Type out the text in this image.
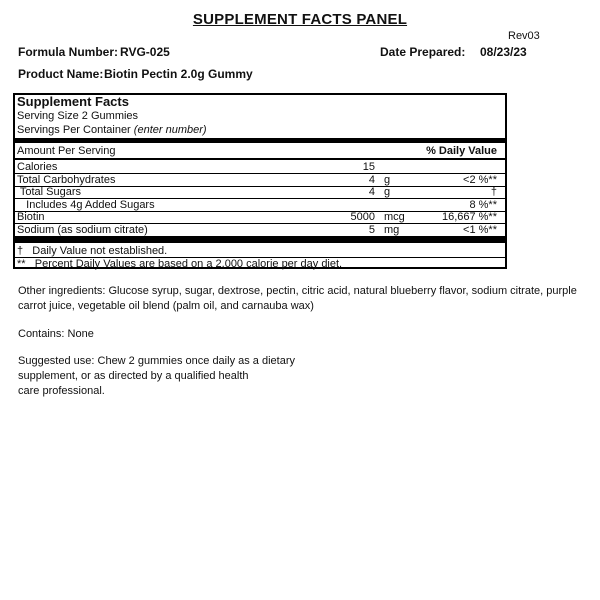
SUPPLEMENT FACTS PANEL
Rev03
Formula Number: RVG-025	Date Prepared: 08/23/23
Product Name: Biotin Pectin 2.0g Gummy
Supplement Facts
Serving Size 2 Gummies
Servings Per Container (enter number)
Amount Per Serving	% Daily Value
Calories	15
Total Carbohydrates	4 g	<2 %**
Total Sugars	4 g	†
Includes 4g Added Sugars	8 %**
Biotin	5000 mcg	16,667 %**
Sodium (as sodium citrate)	5 mg	<1 %**
† Daily Value not established.
** Percent Daily Values are based on a 2,000 calorie per day diet.
Other ingredients: Glucose syrup, sugar, dextrose, pectin, citric acid, natural blueberry flavor, sodium citrate, purple carrot juice, vegetable oil blend (palm oil, and carnauba wax)
Contains: None
Suggested use: Chew 2 gummies once daily as a dietary
supplement, or as directed by a qualified health
care professional.
